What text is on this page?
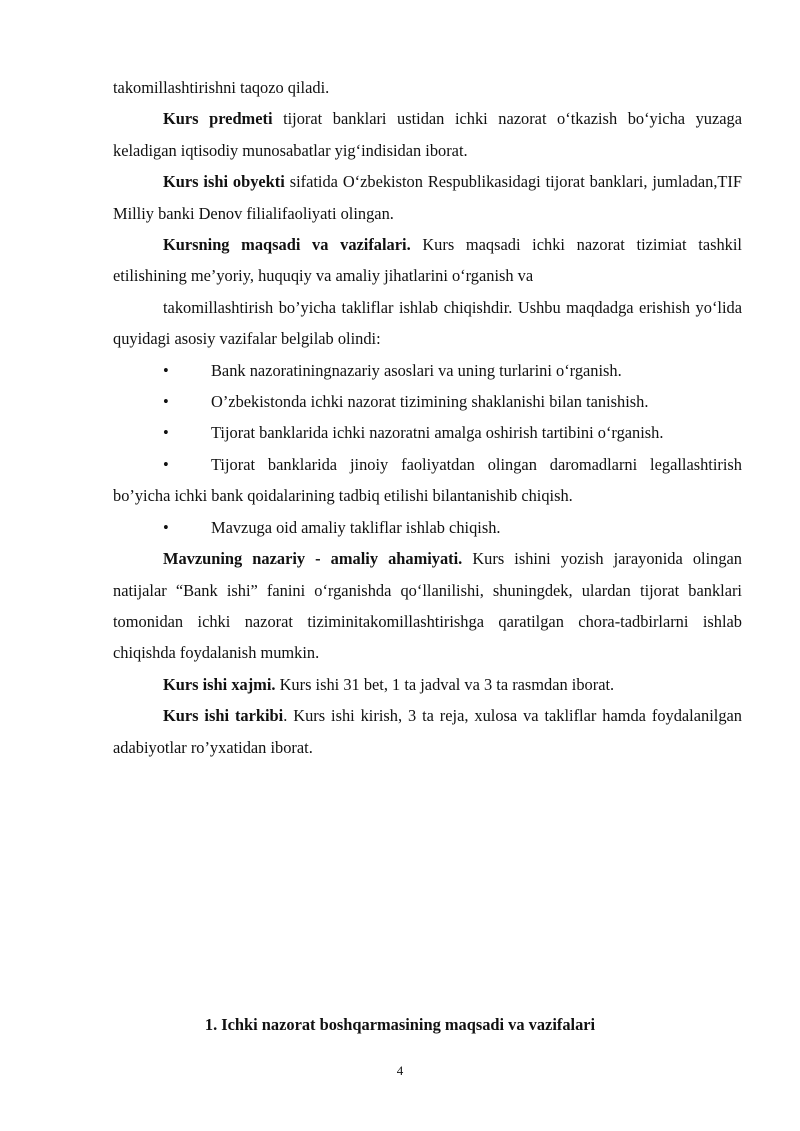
takomillashtirishni taqozo qiladi.

Kurs predmeti tijorat banklari ustidan ichki nazorat o‘tkazish bo‘yicha yuzaga keladigan iqtisodiy munosabatlar yig‘indisidan iborat.

Kurs ishi obyekti sifatida O‘zbekiston Respublikasidagi tijorat banklari, jumladan,TIF Milliy banki Denov filialifaoliyati olingan.

Kursning maqsadi va vazifalari. Kurs maqsadi ichki nazorat tizimiat tashkil etilishining me’yoriy, huquqiy va amaliy jihatlarini o‘rganish va

takomillashtirish bo’yicha takliflar ishlab chiqishdir. Ushbu maqdadga erishish yo‘lida quyidagi asosiy vazifalar belgilab olindi:

•	Bank nazoratiningnazariy asoslari va uning turlarini o‘rganish.
•	O’zbekistonda ichki nazorat tizimining shaklanishi bilan tanishish.
•	Tijorat banklarida ichki nazoratni amalga oshirish tartibini o‘rganish.

•	Tijorat banklarida jinoiy faoliyatdan olingan daromadlarni legallashtirish bo’yicha ichki bank qoidalarining tadbiq etilishi bilantanishib chiqish.

•	Mavzuga oid amaliy takliflar ishlab chiqish.

Mavzuning nazariy - amaliy ahamiyati. Kurs ishini yozish jarayonida olingan natijalar “Bank ishi” fanini o‘rganishda qo‘llanilishi, shuningdek, ulardan tijorat banklari tomonidan ichki nazorat tiziminitakomillashtirishga qaratilgan chora-tadbirlarni ishlab chiqishda foydalanish mumkin.

Kurs ishi xajmi. Kurs ishi 31 bet, 1 ta jadval va 3 ta rasmdan iborat.

Kurs ishi tarkibi. Kurs ishi kirish, 3 ta reja, xulosa va takliflar hamda foydalanilgan adabiyotlar ro’yxatidan iborat.

1. Ichki nazorat boshqarmasining maqsadi va vazifalari
4
